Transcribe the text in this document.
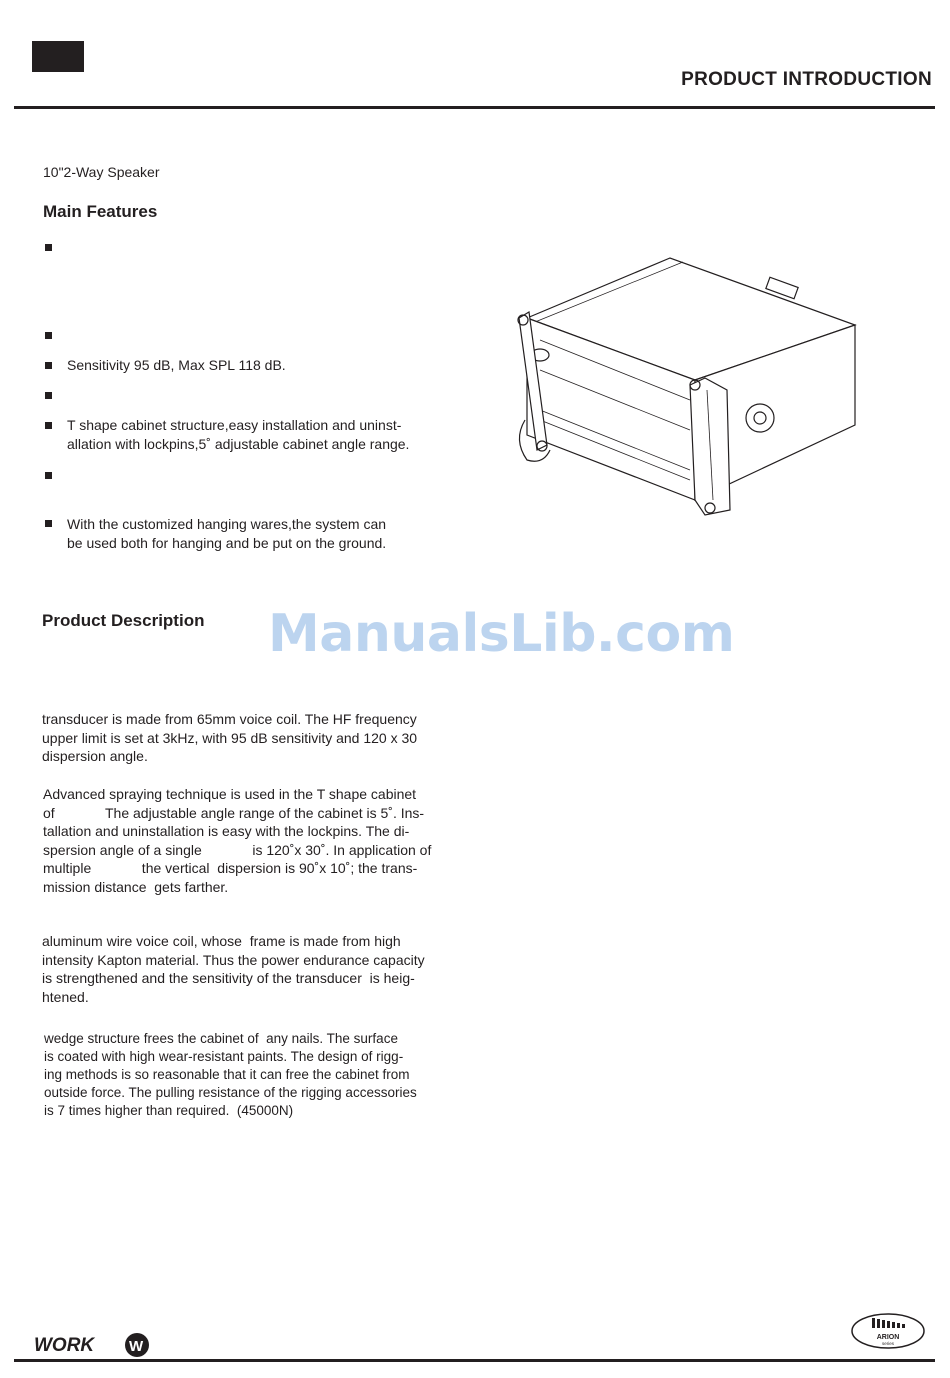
PRODUCT INTRODUCTION
10"2-Way Speaker
Main Features
Sensitivity 95 dB, Max SPL 118 dB.
T shape cabinet structure,easy installation and uninst-
allation with lockpins,5˚ adjustable cabinet angle range.
With the customized hanging wares,the system can
be used both for hanging and be put on the ground.
Product Description ManualsLib.com
transducer is made from 65mm voice coil. The HF frequency
upper limit is set at 3kHz, with 95 dB sensitivity and 120 x 30
dispersion angle.
Advanced spraying technique is used in the T shape cabinet
of             The adjustable angle range of the cabinet is 5˚. Ins-
tallation and uninstallation is easy with the lockpins. The di-
spersion angle of a single             is 120˚x 30˚. In application of
multiple             the vertical  dispersion is 90˚x 10˚; the trans-
mission distance  gets farther.
aluminum wire voice coil, whose  frame is made from high
intensity Kapton material. Thus the power endurance capacity
is strengthened and the sensitivity of the transducer  is heig-
htened.
wedge structure frees the cabinet of  any nails. The surface
is coated with high wear-resistant paints. The design of rigg-
ing methods is so reasonable that it can free the cabinet from
outside force. The pulling resistance of the rigging accessories
is 7 times higher than required.  (45000N)
WORK W
ARION
series
